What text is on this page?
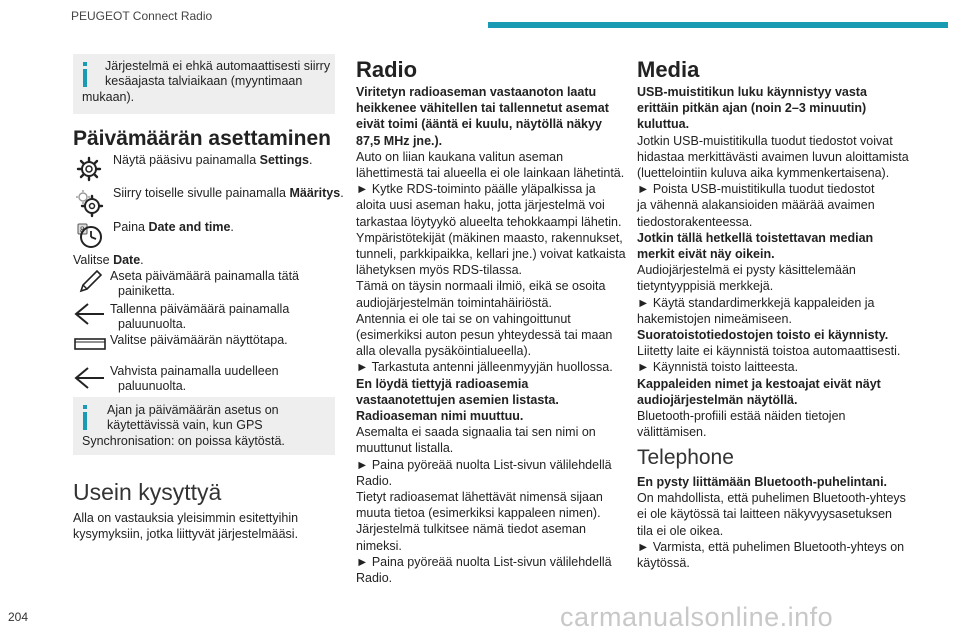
PEUGEOT Connect Radio
Järjestelmä ei ehkä automaattisesti siirry
kesäajasta talviaikaan (myyntimaan
mukaan).
Päivämäärän asettaminen
Näytä pääsivu painamalla Settings.
Siirry toiselle sivulle painamalla Määritys.
8 Paina Date and time.
Valitse Date.
Aseta päivämäärä painamalla tätä
painiketta.
Tallenna päivämäärä painamalla
paluunuolta.
Valitse päivämäärän näyttötapa.
Vahvista painamalla uudelleen
paluunuolta.
Ajan ja päivämäärän asetus on
käytettävissä vain, kun GPS
Synchronisation: on poissa käytöstä.
Usein kysyttyä
Alla on vastauksia yleisimmin esitettyihin
kysymyksiin, jotka liittyvät järjestelmääsi.
Radio
Viritetyn radioaseman vastaanoton laatu
heikkenee vähitellen tai tallennetut asemat
eivät toimi (ääntä ei kuulu, näytöllä näkyy
87,5 MHz jne.).
Auto on liian kaukana valitun aseman
lähettimestä tai alueella ei ole lainkaan lähetintä.
► Kytke RDS-toiminto päälle yläpalkissa ja
aloita uusi aseman haku, jotta järjestelmä voi
tarkastaa löytyykö alueelta tehokkaampi lähetin.
Ympäristötekijät (mäkinen maasto, rakennukset,
tunneli, parkkipaikka, kellari jne.) voivat katkaista
lähetyksen myös RDS-tilassa.
Tämä on täysin normaali ilmiö, eikä se osoita
audiojärjestelmän toimintahäiriöstä.
Antennia ei ole tai se on vahingoittunut
(esimerkiksi auton pesun yhteydessä tai maan
alla olevalla pysäköintialueella).
► Tarkastuta antenni jälleenmyyjän huollossa.
En löydä tiettyjä radioasemia
vastaanotettujen asemien listasta.
Radioaseman nimi muuttuu.
Asemalta ei saada signaalia tai sen nimi on
muuttunut listalla.
► Paina pyöreää nuolta List-sivun välilehdellä
Radio.
Tietyt radioasemat lähettävät nimensä sijaan
muuta tietoa (esimerkiksi kappaleen nimen).
Järjestelmä tulkitsee nämä tiedot aseman
nimeksi.
► Paina pyöreää nuolta List-sivun välilehdellä
Radio.
Media
USB-muistitikun luku käynnistyy vasta
erittäin pitkän ajan (noin 2–3 minuutin)
kuluttua.
Jotkin USB-muistitikulla tuodut tiedostot voivat
hidastaa merkittävästi avaimen luvun aloittamista
(luettelointiin kuluva aika kymmenkertaisena).
► Poista USB-muistitikulla tuodut tiedostot
ja vähennä alakansioiden määrää avaimen
tiedostorakenteessa.
Jotkin tällä hetkellä toistettavan median
merkit eivät näy oikein.
Audiojärjestelmä ei pysty käsittelemään
tietyntyyppisiä merkkejä.
► Käytä standardimerkkejä kappaleiden ja
hakemistojen nimeämiseen.
Suoratoistotiedostojen toisto ei käynnisty.
Liitetty laite ei käynnistä toistoa automaattisesti.
► Käynnistä toisto laitteesta.
Kappaleiden nimet ja kestoajat eivät näyt
audiojärjestelmän näytöllä.
Bluetooth-profiili estää näiden tietojen
välittämisen.
Telephone
En pysty liittämään Bluetooth-puhelintani.
On mahdollista, että puhelimen Bluetooth-yhteys
ei ole käytössä tai laitteen näkyvyysasetuksen
tila ei ole oikea.
► Varmista, että puhelimen Bluetooth-yhteys on
käytössä.
204	carmanualsonline.info
